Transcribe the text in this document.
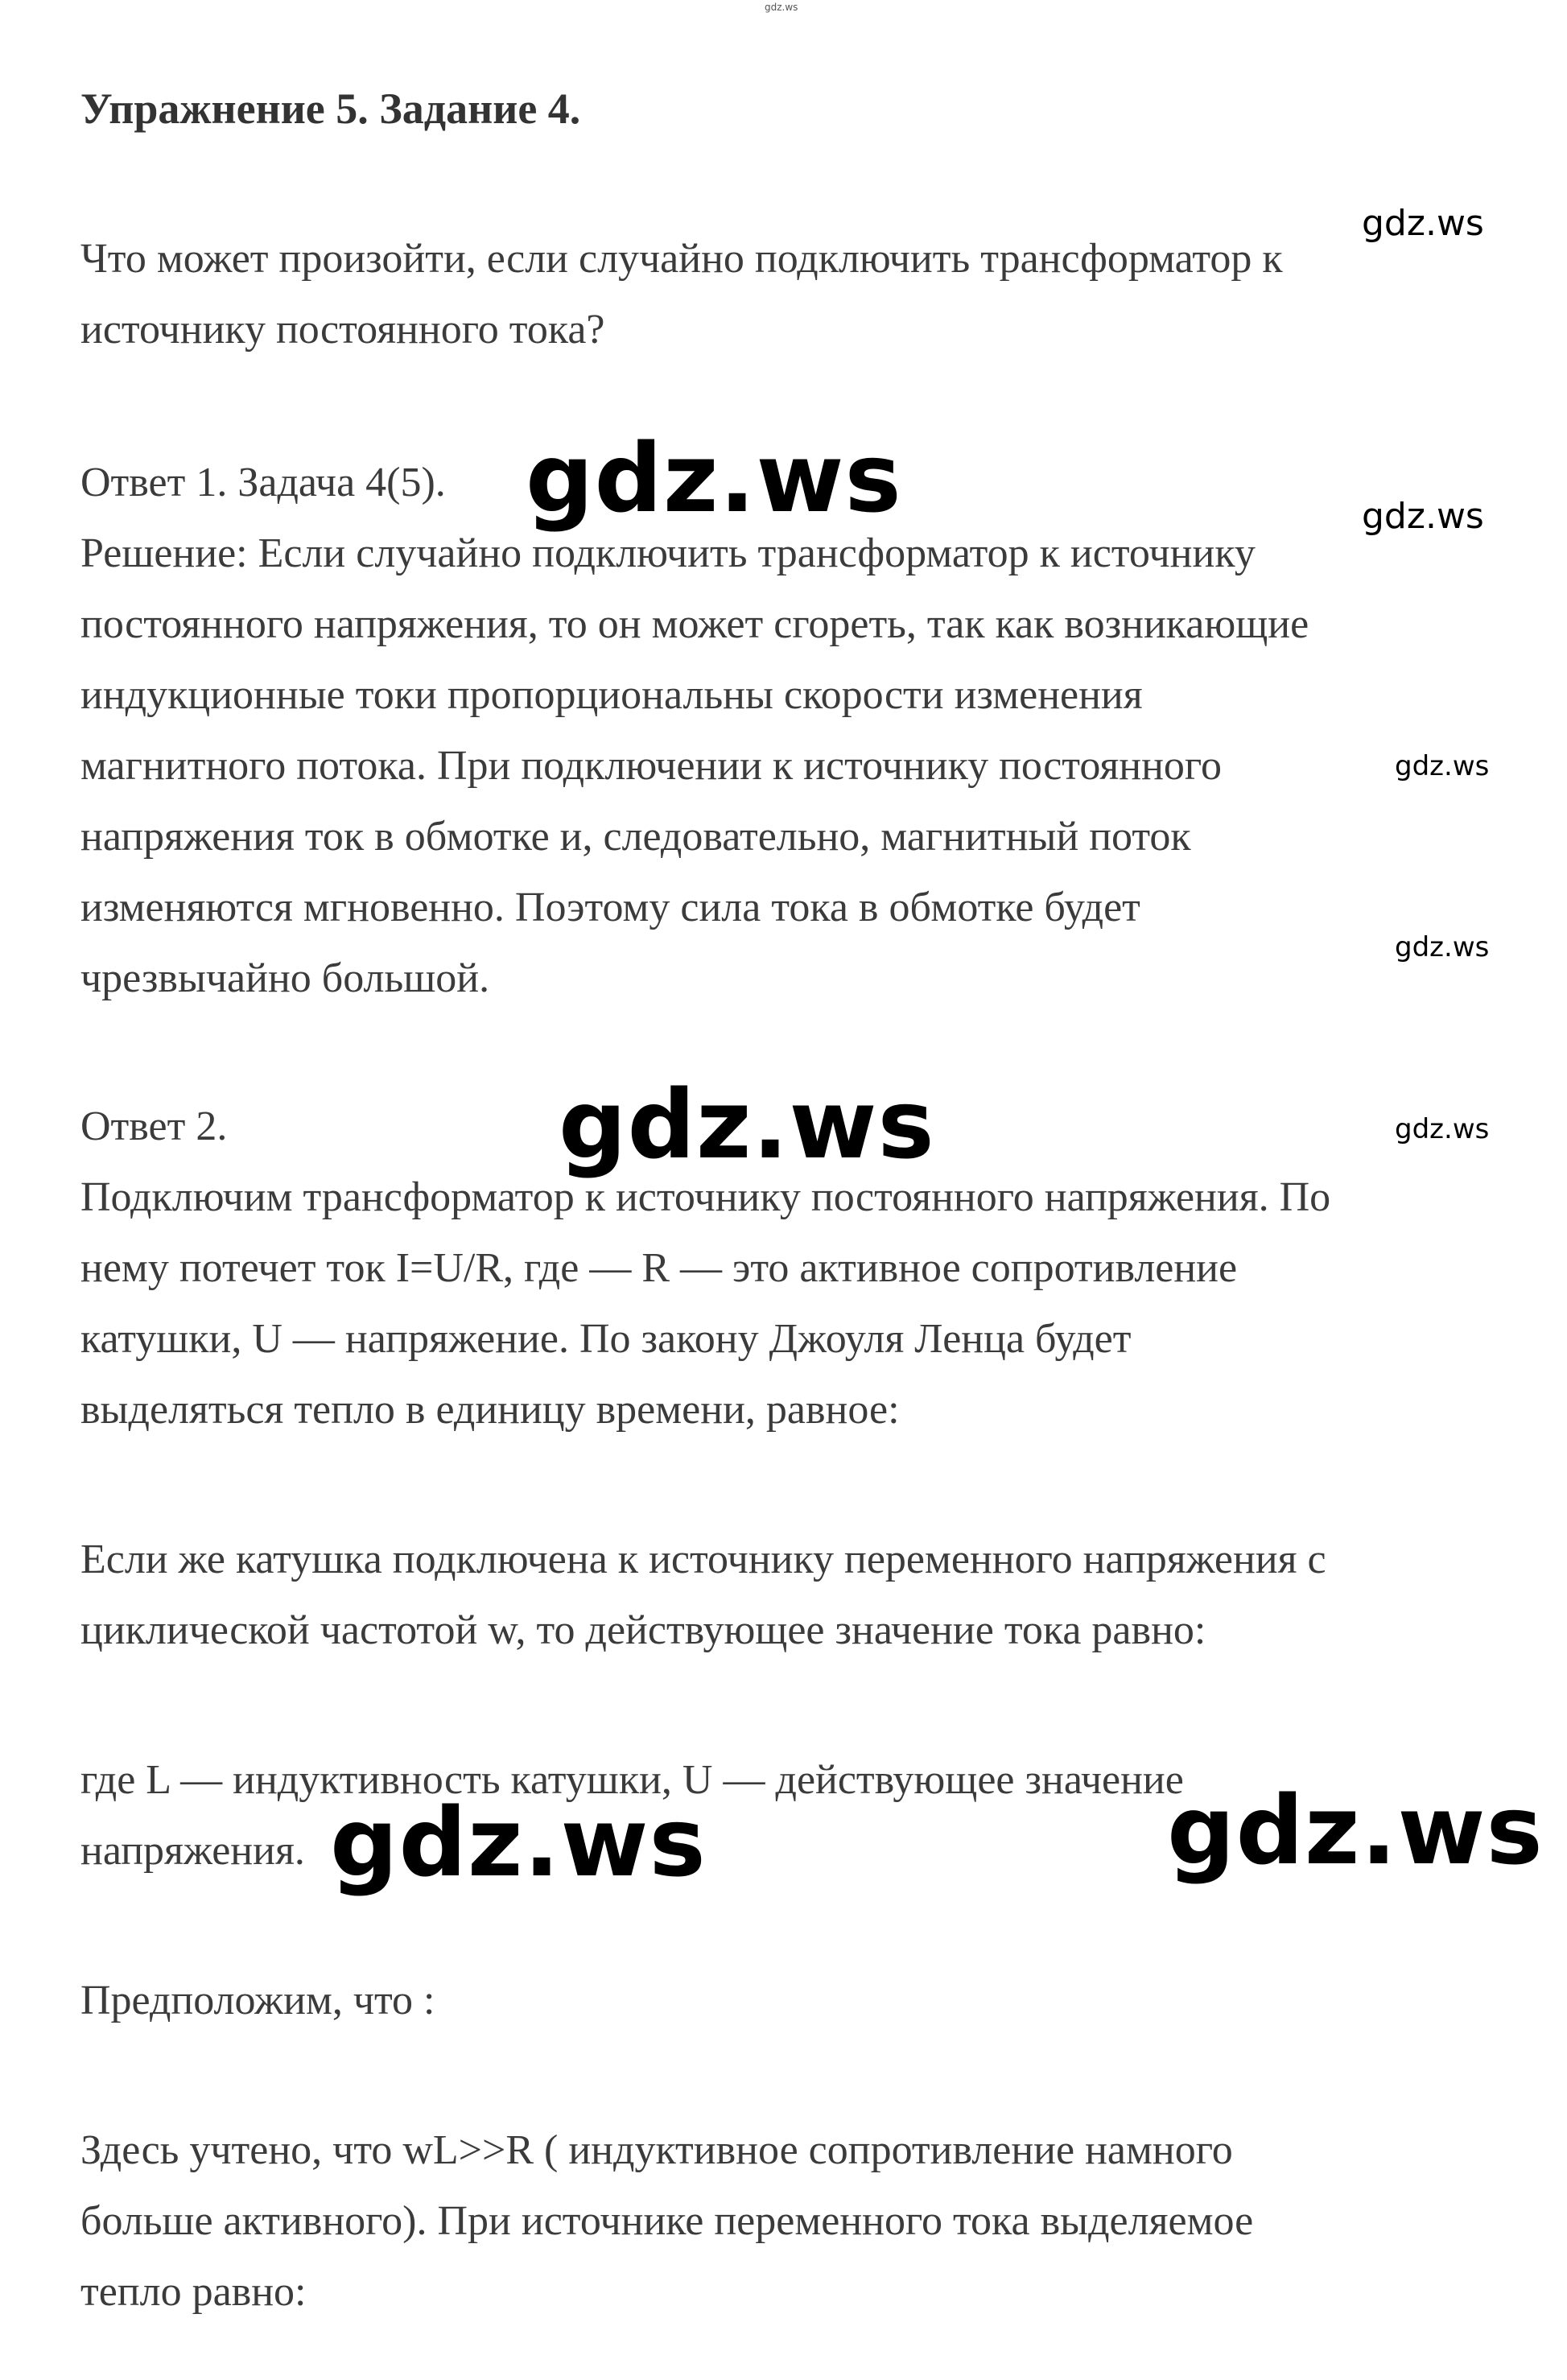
gdz.ws
Упражнение 5. Задание 4.
Что может произойти, если случайно подключить трансформатор к
источнику постоянного тока?
Ответ 1. Задача 4(5).
Решение: Если случайно подключить трансформатор к источнику
постоянного напряжения, то он может сгореть, так как возникающие
индукционные токи пропорциональны скорости изменения
магнитного потока. При подключении к источнику постоянного
напряжения ток в обмотке и, следовательно, магнитный поток
изменяются мгновенно. Поэтому сила тока в обмотке будет
чрезвычайно большой.
Ответ 2.
Подключим трансформатор к источнику постоянного напряжения. По
нему потечет ток I=U/R, где — R — это активное сопротивление
катушки, U — напряжение. По закону Джоуля Ленца будет
выделяться тепло в единицу времени, равное:
Если же катушка подключена к источнику переменного напряжения с
циклической частотой w, то действующее значение тока равно:
где L — индуктивность катушки, U — действующее значение
напряжения.
Предположим, что :
Здесь учтено, что wL>>R ( индуктивное сопротивление намного
больше активного). При источнике переменного тока выделяемое
тепло равно:
gdz.ws
gdz.ws
gdz.ws
gdz.ws
gdz.ws
gdz.ws
gdz.ws
gdz.ws	gdz.ws
